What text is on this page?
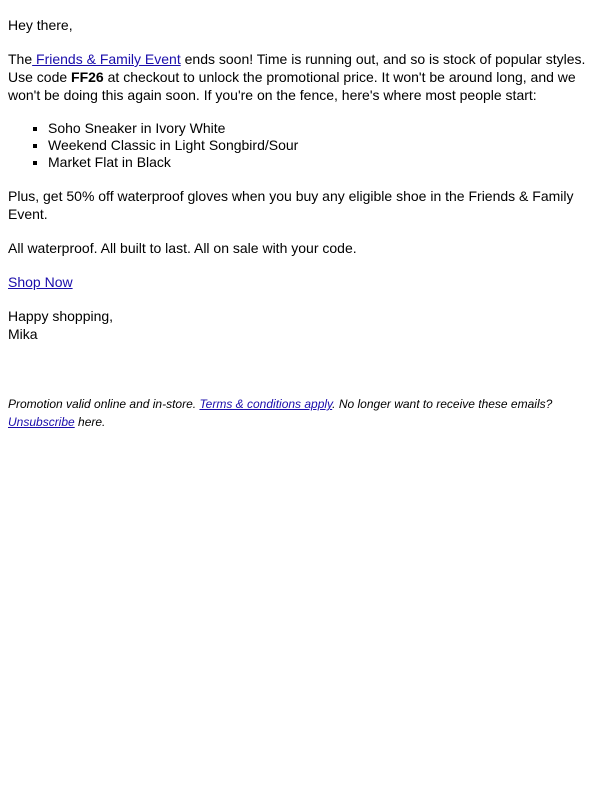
Hey there,

The Friends & Family Event ends soon! Time is running out, and so is stock of popular styles. Use code FF26 at checkout to unlock the promotional price. It won't be around long, and we won't be doing this again soon. If you're on the fence, here's where most people start:

▪ Soho Sneaker in Ivory White
▪ Weekend Classic in Light Songbird/Sour
▪ Market Flat in Black

Plus, get 50% off waterproof gloves when you buy any eligible shoe in the Friends & Family Event.

All waterproof. All built to last. All on sale with your code.

Shop Now

Happy shopping,
Mika

Promotion valid online and in-store. Terms & conditions apply. No longer want to receive these emails? Unsubscribe here.
